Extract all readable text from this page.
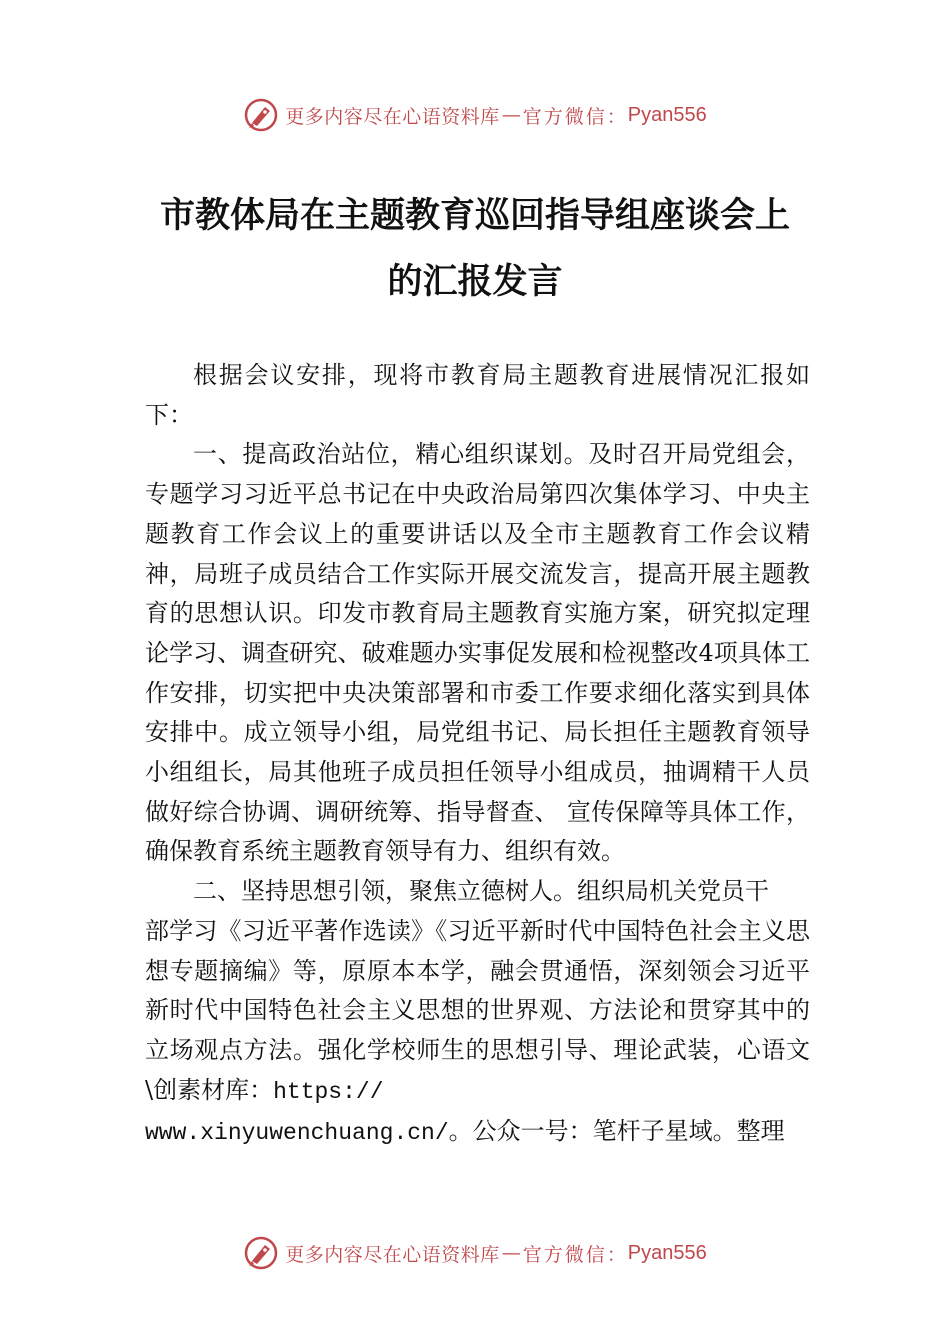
更多内容尽在心语资料库 — 官方微信： Pyan556
市教体局在主题教育巡回指导组座谈会上
的汇报发言

根据会议安排，现将市教育局主题教育进展情况汇报如下：

一、提高政治站位，精心组织谋划。及时召开局党组会，专题学习习近平总书记在中央政治局第四次集体学习、中央主题教育工作会议上的重要讲话以及全市主题教育工作会议精神，局班子成员结合工作实际开展交流发言，提高开展主题教育的思想认识。印发市教育局主题教育实施方案，研究拟定理论学习、调查研究、破难题办实事促发展和检视整改4项具体工作安排，切实把中央决策部署和市委工作要求细化落实到具体安排中。成立领导小组，局党组书记、局长担任主题教育领导小组组长，局其他班子成员担任领导小组成员，抽调精干人员做好综合协调、调研统筹、指导督查、 宣传保障等具体工作，确保教育系统主题教育领导有力、组织有效。

二、坚持思想引领，聚焦立德树人。组织局机关党员干

部学习《习近平著作选读》《习近平新时代中国特色社会主义思想专题摘编》等，原原本本学，融会贯通悟，深刻领会习近平新时代中国特色社会主义思想的世界观、方法论和贯穿其中的立场观点方法。强化学校师生的思想引导、理论武装，心语文\创素材库：https://
www.xinyuwenchuang.cn/。公众一号：笔杆子星域。整理

更多内容尽在心语资料库 — 官方微信： Pyan556
